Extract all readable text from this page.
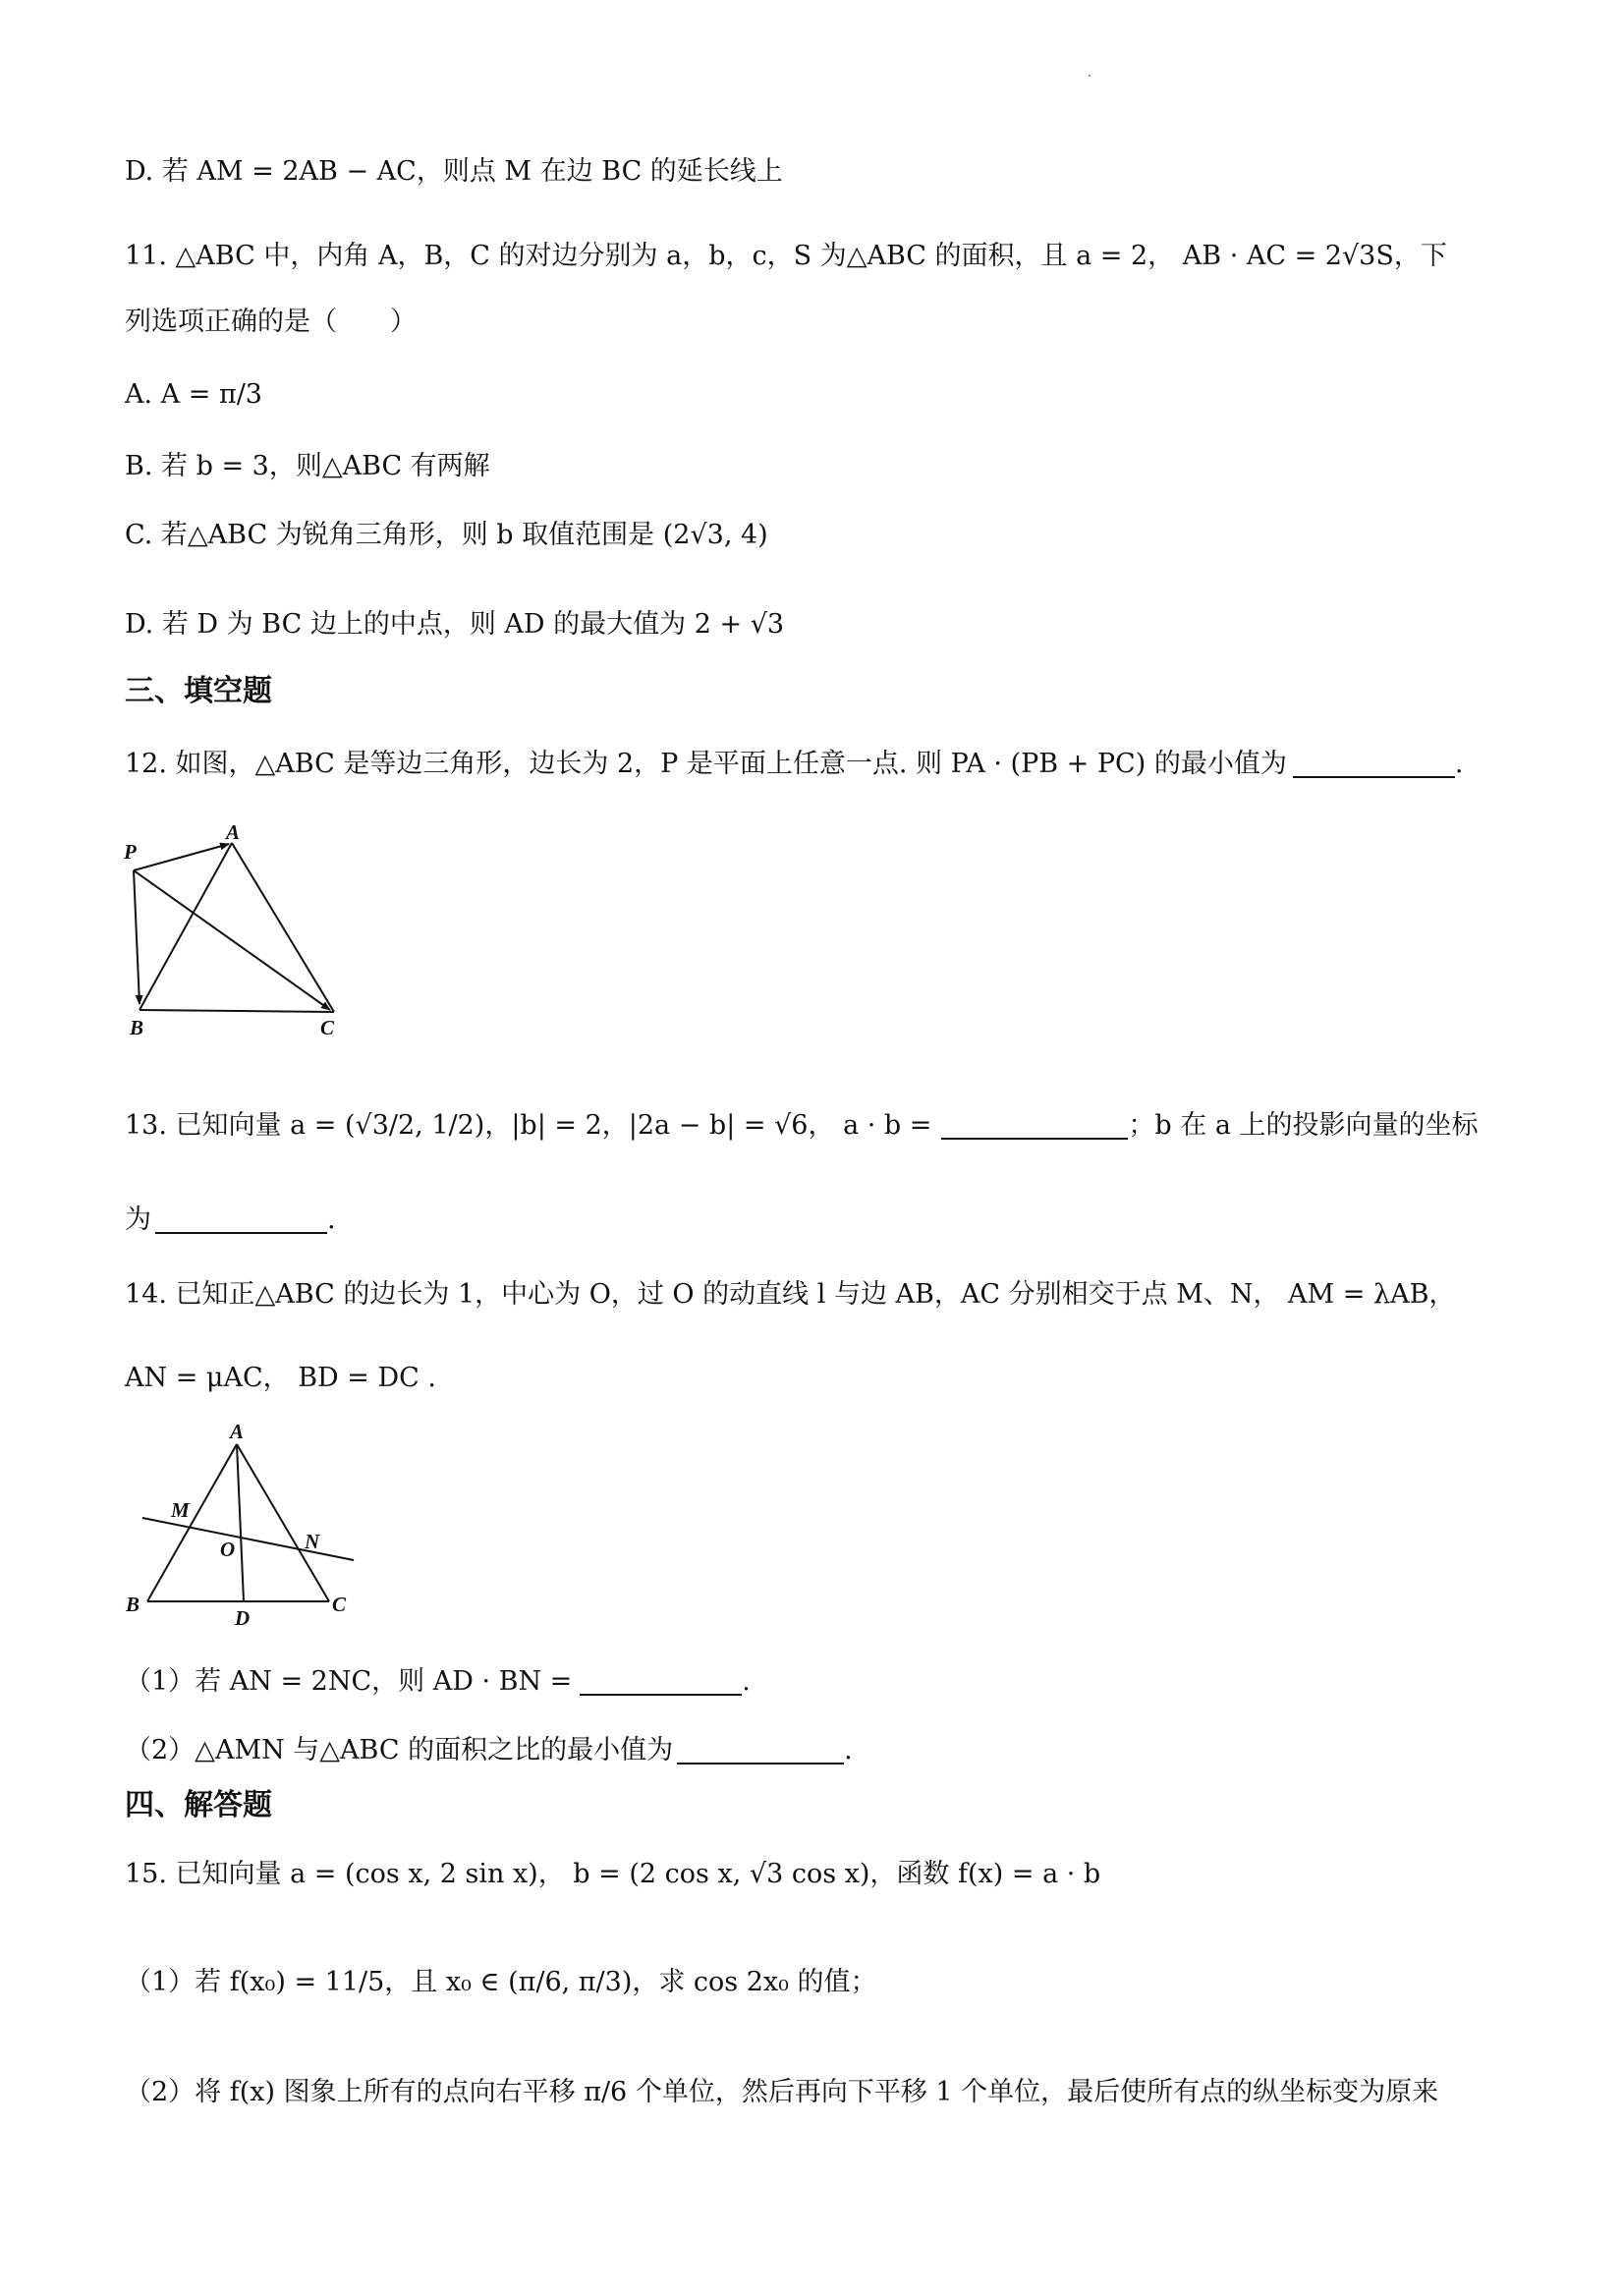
D. 若 AM = 2AB − AC，则点 M 在边 BC 的延长线上
11. △ABC 中，内角 A，B，C 的对边分别为 a，b，c，S 为△ABC 的面积，且 a = 2， AB · AC = 2√3S，下
列选项正确的是（　　）
A. A = π/3
B. 若 b = 3，则△ABC 有两解
C. 若△ABC 为锐角三角形，则 b 取值范围是 (2√3, 4)
D. 若 D 为 BC 边上的中点，则 AD 的最大值为 2 + √3
三、填空题
12. 如图，△ABC 是等边三角形，边长为 2，P 是平面上任意一点. 则 PA · (PB + PC) 的最小值为	.
P
A
B	C
13. 已知向量 a = (√3/2, 1/2)，|b| = 2，|2a − b| = √6， a · b =	；b 在 a 上的投影向量的坐标
为	.
14. 已知正△ABC 的边长为 1，中心为 O，过 O 的动直线 l 与边 AB，AC 分别相交于点 M、N， AM = λAB，
AN = μAC， BD = DC .
A
M
O	N
B
D
C
（1）若 AN = 2NC，则 AD · BN =	.
（2）△AMN 与△ABC 的面积之比的最小值为	.
四、解答题
15. 已知向量 a = (cos x, 2 sin x)， b = (2 cos x, √3 cos x)，函数 f(x) = a · b
（1）若 f(x₀) = 11/5，且 x₀ ∈ (π/6, π/3)，求 cos 2x₀ 的值；
（2）将 f(x) 图象上所有的点向右平移 π/6 个单位，然后再向下平移 1 个单位，最后使所有点的纵坐标变为原来
